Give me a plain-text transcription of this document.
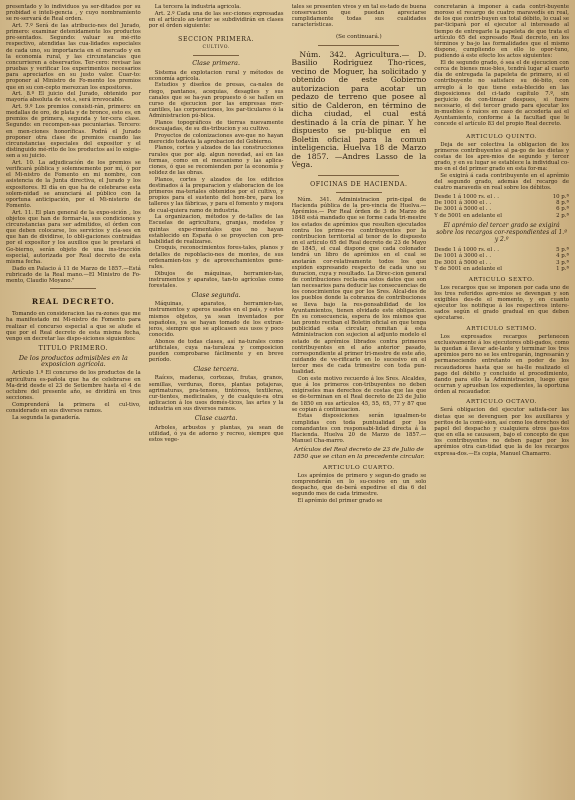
presentado y lo individuos ya ser-ditados por su probidad e inteli-gencia , y cuyo nombramiento se re-servará de Real orden.

Art. 7.º Será de las atribucio-nes del Jurado, primero: examinar detenidamente los productos pre-sentados. Segundo: valuar su mé-rito respectivo, atendidas las cua-lidades especiales de cada uno, su importancia en el mercado y en la economía rural, y las circunstancias que concurrieren a observarlos. Ter-cero: revisar las pruebas y verificar los experimentos necesarios para apreciarlos en su justo valor. Cuar-to: proponer al Ministro de Fo-mento los premios que en su con-cepto merezcan los expositores.

Art. 8.º El juicio del Jurado, obtenido por mayoría absoluta de vot.s, será irrevocable.

Art. 9.º Los premios consisti-rán, primero: en medallas de oro, de plata y de bronce, esto es, en premios de primera, segunda y ter-cera clase. Segundo: en recompen-sas pecuniarias. Tercero: en men-ciones honoríficas. Podrá el Jurado proponer otra clase de premios cuando las circunstancias especiales del expositor y el distinguido mé-rito de los productos así lo exigie-sen a su juicio.

Art. 10. La adjudicación de los premios se verificará pública y solemnemente por mí, ó por el Mi-nistro de Fomento en mi nombre, con asistencia de la Junta directiva, el Jurado y los expositores. El día en que ha de celebrarse esta solem-nidad se anunciará al público con la oportuna anticipación, por el Mi-nisterio de Fomento.

Art. 11. El plan general de la expo-sición , los objetos que han de formar-la, sus condiciones y circunstancias para ser admitidos, el órden con que deben colocarse, los servicios y cla-ses en que han de dividirse, lo obli-gaciones contraídas por el expositor y los auxilios que le prestará el Go-bierno, serán objeto de una ins-trucción especial, autorizada por Real decreto de esta misma fecha.

Dado en Palacio á 11 de Marzo de 1857.—Está rubricado de la Real mano.—El Ministro de Fo-mento, Claudio Moyano."

REAL DECRETO.

Tomando en consideracion las ra-zones que me ha manifestado mi Mi-nistro de Fomento para realizar el concurso especial a que se alude el que por el Real decreto de esta misma fecha, vengo en decretar las dispo-siciones siguientes:

TITULO PRIMERO.
De los productos admisibles en la exposicion agrícola.

Artículo 1.º El concurso de los productos de la agricultura es-pañola que ha de celebrarse en Ma-drid desde el 23 de Setiembre hasta el 4 de octubre del presente año, se dividirá en tres secciones.

Comprenderá la primera el cul-tivo, considerado en sus diversos ramos.

La segunda la ganadería.

La tercera la industria agrícola.

Art. 2.º Cada una de las sec-ciones expresadas en el artículo an-terior se subdividirán en clases por el órden siguiente:

SECCION PRIMERA.
CULTIVO.
Clase primera.

Sistema de explotacion rural y métodos de economía agrícola.

Estudios y diseños de presas, ca-nales de riego, pantanos, acequias, desagües y sus canales que se ha-yan propuesto ó se hallen en curso de ejecucion por las empresas mer-cantiles, las corporaciones, los par-ticulares ó la Administracion pú-blica.

Planos topográficos de tierras nuevamente descuajadas, de su dis-tribucion y su cultivo.

Proyectos de colonizaciones ave-que no hayan merecido todavía la aprobacion del Gobierno.

Planos, cortes y alzados de las construcciones rurales que por alg. algun novedad, así en las formas, como en el mecanismo y las aplica-ciones, ó que se recomienden por la economía y solidez de las obras.

Planos, cortes y alzados de los edificios destinados á la preparacion y elaboracion de los primeros ma-teriales obtenidos por el cultivo, y propios para el sustento del hom-bre, para los talleres y las fábricas, y para el fomento y mejora de cual-quiera ramo de industria.

La organizacion, métodos y de-talles de las Escuelas de agricultura, granjas, modelos y quintas expe-rimentales que no hayan establecido en España ó se proyecten con pro-babilidad de realizarse.

Croquis, reconocimientos fores-tales, planos y detalles de repoblacio-nes de montes, de sus ordenamien-tos y de aprovechamientos gene-rales.

Dibujos de máquinas, herramien-tas, instrumentos y aparatos, tan-to agrícolas como forestales.

Clase segunda.

Máquinas, aparatos, herramien-tas, instrumentos y aperos usados en el país, y estos mismos objetos, ya sean inventados por españoles, ya se hayan tomado de los extran-jeros, siempre que se aplicasen sus usos y poco conocido.

Abonos de todas clases, así na-turales como artificiales, cuya na-turaleza y composicion pueden comprobarse fácilmente y en breve período.

Clase tercera.

Raíces, maderas, cortezas, frutas, granos, semillas, verduras, flores, plantas potajeras, agrimaturas, pra-tenses, tintóreos, textileras, cur-tientes, medicinales, y de cualquie-ra otra aplicacion á los usos domés-ticos, las artes y la industria en sus diversos ramos.

Clase cuarta.

Arboles, arbustos y plantas, ya sean de utilidad, ó ya de adorno y recreo, siempre que estos vege-

tales se presenten vivos y en tal es-tado de buena conservacion que puedan apreciarse cumplidamente todas sus cualidades características.

(Se continuará.)

Núm. 342. Agricultura.— D. Basilio Rodriguez Tho-rices, vecino de Moguer, ha solicitado y obtenido de este Gobierno autorizacion para acotar un pedazo de terreno que posee al sitio de Calderon, en término de dicha ciudad, el cual está destinado á la cría de pinar. Y he dispuesto se pu-blique en el Boletin oficial para la comun inteligencia. Huelva 18 de Marzo de 1857. —Andres Lasso de la Vega.

OFICINAS DE HACIENDA.

Núm. 341. Administracion prin-cipal de Hacienda pública de la pro-vincia de Huelva.—Aprémios.— Por Real órden de 3 de Marzo de 1848 está mandado que se forme cada tri-mestre los estados de aprémios que resulten ejecutados contra los prime-ros contribuyentes por la contribucion territorial al tenor de lo dispuesto en el artículo 65 del Real decreto de 23 de Mayo de 1845, el cual dispone que cada colonador tendrá un libro de aprémios en el cual se anotarán cor-relativamente todos los que expiden expresando respecto de cada uno su duracion, cuya y resultado. La Direc-cion general de contribuciones recla-ma estos datos que son tan necesarios para deducir las consecuencias de los conocimientos que por los Sres. Alcal-des de los pueblos donde la cobranza de contribuciones se lleva bajo la res-ponsabilidad de los Ayuntamientos, tienen olvidado este obligacion. En su consecuencia, espera de los mismos que tan pronto reciban el Boletin oficial en que tenga publicidad esta circular, remitan á esta Administracion con sujecion al adjunto modelo el estado de aprémios librados contra primeros contribuyentes en el año anterior pasado, correspondiente al primer tri-mestre de este año, cuidando de ve-rificarlo en lo sucesivo en el tercer mes de cada trimestre con toda pun-tualidad.

Con este motivo recuerdo á los Sres. Alcaldes, que á los primeros con-tribuyentes no deben exigírseles mas derechos de costas que las que se de-terminan en el Real decreto de 23 de Julio de 1850 en sus artículos 45, 55, 65, 77 y 87 que se copian á continuacion.

Estas disposiciones serán igualmen-te cumplidas con toda puntualidad por los comandantes con responsabi-lidad directa á la Hacienda. Huelva 20 de Marzo de 1857.—Manuel Cha-marro.

Artículos del Real decreto de 23 de Julio de 1850 que se citan en la precedente circular.
ARTICULO CUARTO.

Los aprémios de primero y segun-do grado se comprenderán en lo su-cesivo en un solo despacho, que de-berá expedirse el dia 6 del segundo mes de cada trimestre.

El aprémio del primer grado se

concretarán á imponer á cada contri-buyente moroso el recargo de cuatro maravedís en real, de los que contri-buyen en total débito, lo cual se par-ticipará por el ejecutor al interesado al tiempo de entregarle la papeleta de que trata el artículo 65 del expresado Real decreto, en los términos y ba-jo las formalidades que el mismo dispone, cumpliendo en ello lo opor-tuno, pudiendo á este efecto los actos siguientes:

El de segundo grado, ó sea el de ejecucion con cerca de bienes mue-bles, tendrá lugar al cuarto día de entregada la papeleta de primero, si el contribuyente no satisface su dé-bito, con arreglo á lo que tiene esta-blecido en las disposiciones del ci-tado capítulo 7.º, sin perjuicio de con-tinuar despues, si fuere necesario, el del tercer grado para ejecutar los in-muebles ó raíces en caso de accederla así el Ayuntamiento, conforme á la facultad que le concede el artículo 83 del propio Real decreto.

ARTICULO QUINTO.

Deja de ser colectiva la obligacion de los primeros contribuyentes al pa-go de las dietas y costas de los apre-mios de segundo y tercer grado, y en su lugar se establece la individual co-mo en el del primer grado en esta for-ma:

Se exigirá á cada contribuyente en el aprémio del segundo grado, además del recargo de cuatro maravedís en real sobre los débitos.

Desde 1 á 1000 rs. el . .	10 p.ª
De 1001 á 3000 el . .	8 p.ª
De 3001 á 5000 el . .	6 p.ª
Y de 5001 en adelante el	2 p.ª
El aprémio del tercer grado se exigirá sobre los recargos cor-respondientes al 1.º y 2.º
Desde 1 á 1000 rs. el . .	5 p.ª
De 1001 á 3000 el . .	4 p.ª
De 3001 á 5000 el . .	3 p.ª
Y de 5001 en adelante el	1 p.ª
ARTICULO SEXTO.

Los recargos que se imponen por cada uno de los tres referidos apre-mios se devengan y son exigibles des-de el momento, y en cuanto ejecutor los notifique á los respectivos intere-sados según el grado gradual en que deben ejecutarse.

ARTICULO SETIMO.

Los expresados recargos pertenecen exclusivamente á los ejecutores obli-gados, como la quedan á llevar ade-lante y terminar los tres aprémios pero no se les entregarán, ingresarán y permaneciendo entretanto en poder de los recaudadores hasta que se ha-lle realizado el pago del débito y concluido el procedimiento, dando para ello la Administracion, luego que ocurran y aprueban los expedientes, la oportuna órden al recaudador.

ARTICULO OCTAVO.

Será obligacion del ejecutor satisfa-cer las dietas que se devenguen por los auxiliares y peritos de la comi-sion, así como los derechos del papel del despacho y cualquiera otros gas-tos que en ella se causasen, bajo el concepto de que los contribuyentes no deben pagar por los aprémios otra can-tidad que la de los recargos expresa-dos.—Es copia, Manuel Chamarro.
